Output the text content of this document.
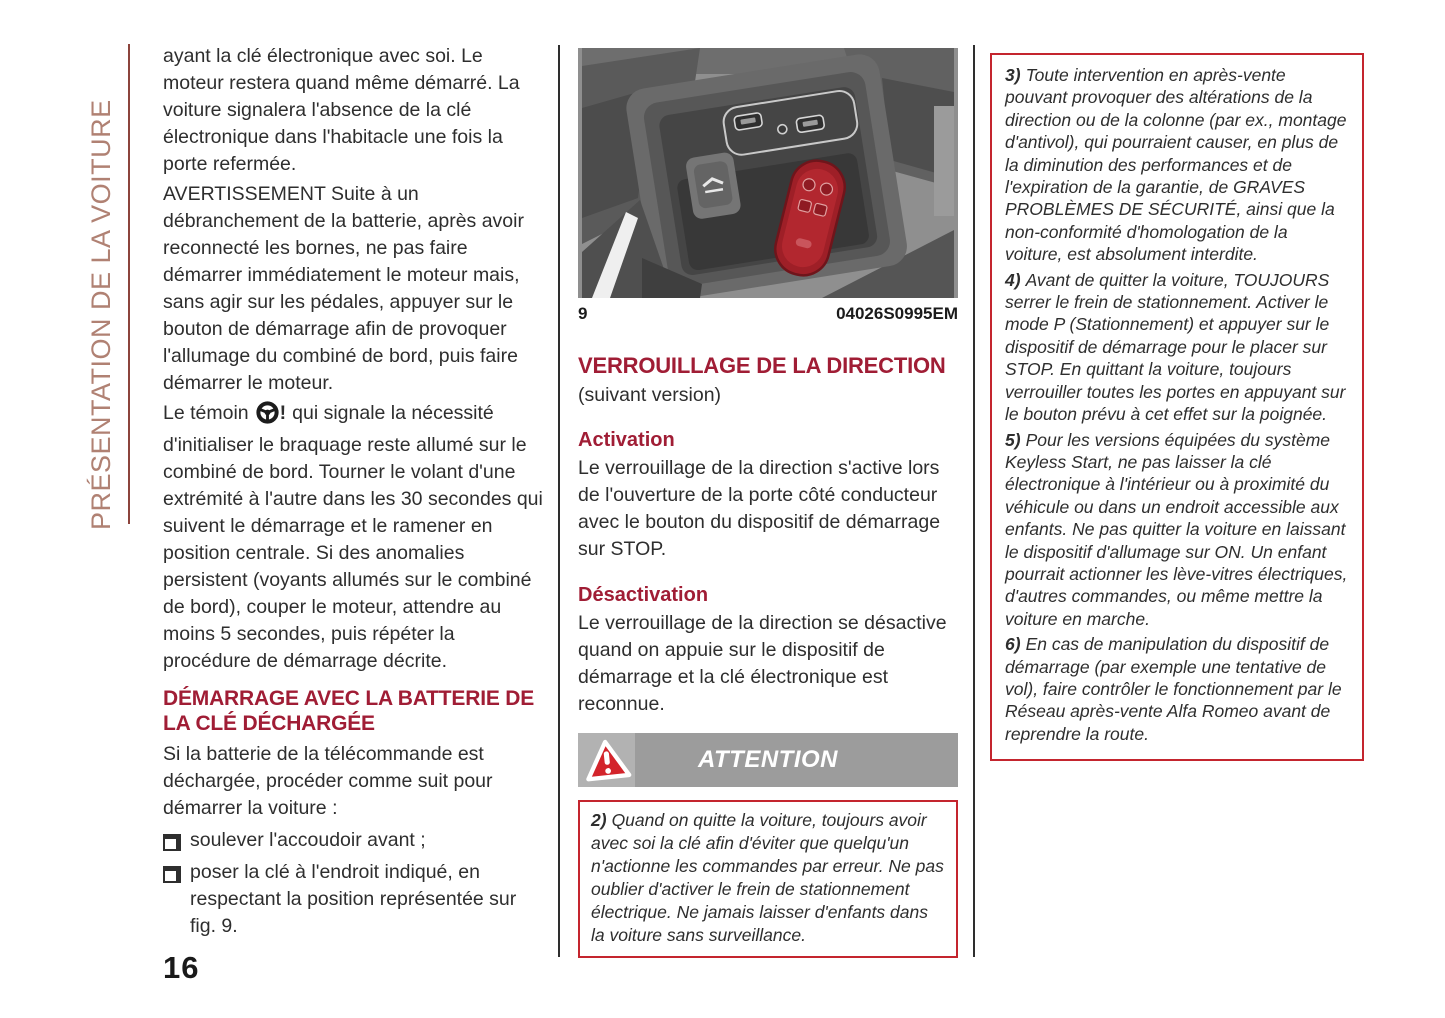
PRÉSENTATION DE LA VOITURE

ayant la clé électronique avec soi. Le moteur restera quand même démarré. La voiture signalera l'absence de la clé électronique dans l'habitacle une fois la porte refermée.

AVERTISSEMENT Suite à un débranchement de la batterie, après avoir reconnecté les bornes, ne pas faire démarrer immédiatement le moteur mais, sans agir sur les pédales, appuyer sur le bouton de démarrage afin de provoquer l'allumage du combiné de bord, puis faire démarrer le moteur.

Le témoin ! qui signale la nécessité d'initialiser le braquage reste allumé sur le combiné de bord. Tourner le volant d'une extrémité à l'autre dans les 30 secondes qui suivent le démarrage et le ramener en position centrale. Si des anomalies persistent (voyants allumés sur le combiné de bord), couper le moteur, attendre au moins 5 secondes, puis répéter la procédure de démarrage décrite.

DÉMARRAGE AVEC LA BATTERIE DE LA CLÉ DÉCHARGÉE

Si la batterie de la télécommande est déchargée, procéder comme suit pour démarrer la voiture :

soulever l'accoudoir avant ;
poser la clé à l'endroit indiqué, en respectant la position représentée sur fig. 9.
16
9	04026S0995EM
VERROUILLAGE DE LA DIRECTION
(suivant version)
Activation
Le verrouillage de la direction s'active lors de l'ouverture de la porte côté conducteur avec le bouton du dispositif de démarrage sur STOP.
Désactivation
Le verrouillage de la direction se désactive quand on appuie sur le dispositif de démarrage et la clé électronique est reconnue.
ATTENTION
2) Quand on quitte la voiture, toujours avoir avec soi la clé afin d'éviter que quelqu'un n'actionne les commandes par erreur. Ne pas oublier d'activer le frein de stationnement électrique. Ne jamais laisser d'enfants dans la voiture sans surveillance.

3) Toute intervention en après-vente pouvant provoquer des altérations de la direction ou de la colonne (par ex., montage d'antivol), qui pourraient causer, en plus de la diminution des performances et de l'expiration de la garantie, de GRAVES PROBLÈMES DE SÉCURITÉ, ainsi que la non-conformité d'homologation de la voiture, est absolument interdite.

4) Avant de quitter la voiture, TOUJOURS serrer le frein de stationnement. Activer le mode P (Stationnement) et appuyer sur le dispositif de démarrage pour le placer sur STOP. En quittant la voiture, toujours verrouiller toutes les portes en appuyant sur le bouton prévu à cet effet sur la poignée.

5) Pour les versions équipées du système Keyless Start, ne pas laisser la clé électronique à l'intérieur ou à proximité du véhicule ou dans un endroit accessible aux enfants. Ne pas quitter la voiture en laissant le dispositif d'allumage sur ON. Un enfant pourrait actionner les lève-vitres électriques, d'autres commandes, ou même mettre la voiture en marche.

6) En cas de manipulation du dispositif de démarrage (par exemple une tentative de vol), faire contrôler le fonctionnement par le Réseau après-vente Alfa Romeo avant de reprendre la route.
